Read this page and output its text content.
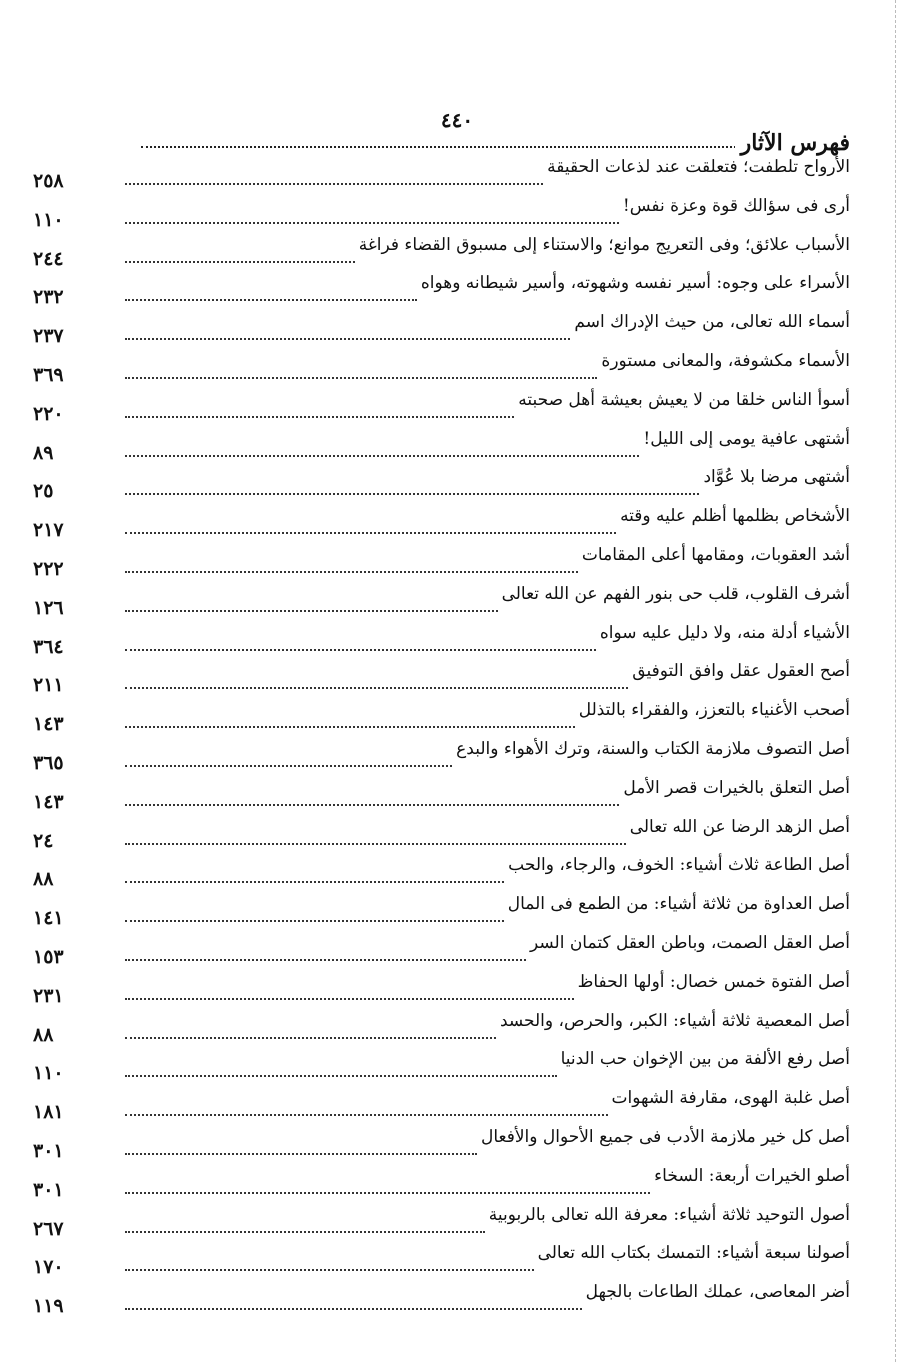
٤٤٠
فهرس الآثار
الأرواح تلطفت؛ فتعلقت عند لذعات الحقيقة
٢٥٨
أرى فى سؤالك قوة وعزة نفس!
١١٠
الأسباب علائق؛ وفى التعريج موانع؛ والاستناء إلى مسبوق القضاء فراغة
٢٤٤
الأسراء على وجوه: أسير نفسه وشهوته، وأسير شيطانه وهواه
٢٣٢
أسماء الله تعالى، من حيث الإدراك اسم
٢٣٧
الأسماء مكشوفة، والمعانى مستورة
٣٦٩
أسوأ الناس خلقا من لا يعيش بعيشة أهل صحبته
٢٢٠
أشتهى عافية يومى إلى الليل!
٨٩
أشتهى مرضا بلا عُوَّاد
٢٥
الأشخاص بظلمها أظلم عليه وقته
٢١٧
أشد العقوبات، ومقامها أعلى المقامات
٢٢٢
أشرف القلوب، قلب حى بنور الفهم عن الله تعالى
١٢٦
الأشياء أدلة منه، ولا دليل عليه سواه
٣٦٤
أصح العقول عقل وافق التوفيق
٢١١
أصحب الأغنياء بالتعزز، والفقراء بالتذلل
١٤٣
أصل التصوف ملازمة الكتاب والسنة، وترك الأهواء والبدع
٣٦٥
أصل التعلق بالخيرات قصر الأمل
١٤٣
أصل الزهد الرضا عن الله تعالى
٢٤
أصل الطاعة ثلاث أشياء: الخوف، والرجاء، والحب
٨٨
أصل العداوة من ثلاثة أشياء: من الطمع فى المال
١٤١
أصل العقل الصمت، وباطن العقل كتمان السر
١٥٣
أصل الفتوة خمس خصال: أولها الحفاظ
٢٣١
أصل المعصية ثلاثة أشياء: الكبر، والحرص، والحسد
٨٨
أصل رفع الألفة من بين الإخوان حب الدنيا
١١٠
أصل غلبة الهوى، مقارفة الشهوات
١٨١
أصل كل خير ملازمة الأدب فى جميع الأحوال والأفعال
٣٠١
أصلو الخيرات أربعة: السخاء
٣٠١
أصول التوحيد ثلاثة أشياء: معرفة الله تعالى بالربوبية
٢٦٧
أصولنا سبعة أشياء: التمسك بكتاب الله تعالى
١٧٠
أضر المعاصى، عملك الطاعات بالجهل
١١٩
